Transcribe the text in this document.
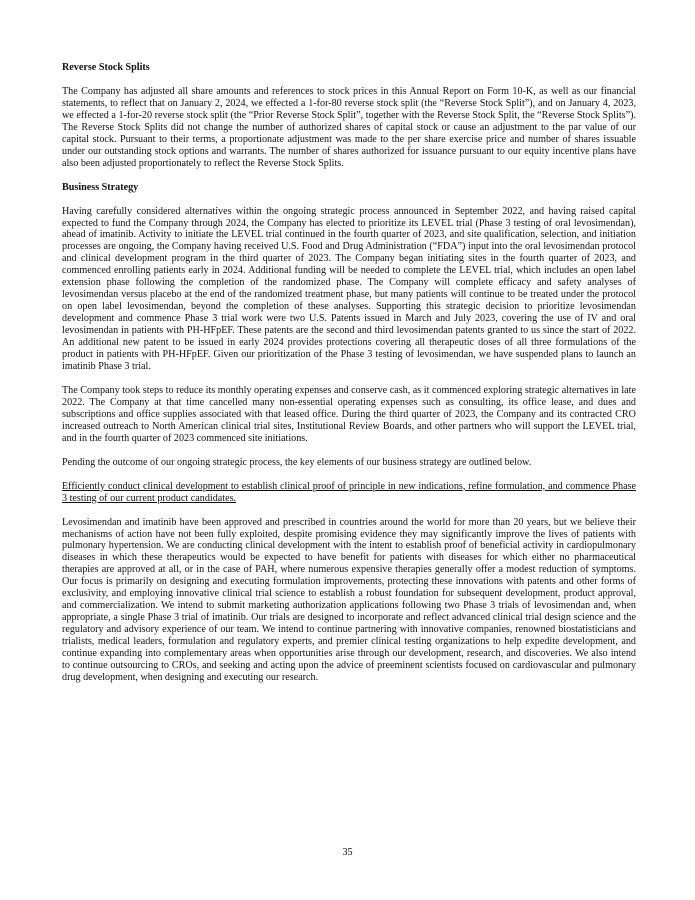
Reverse Stock Splits
The Company has adjusted all share amounts and references to stock prices in this Annual Report on Form 10-K, as well as our financial statements, to reflect that on January 2, 2024, we effected a 1-for-80 reverse stock split (the “Reverse Stock Split”), and on January 4, 2023, we effected a 1-for-20 reverse stock split (the “Prior Reverse Stock Split”, together with the Reverse Stock Split, the “Reverse Stock Splits”). The Reverse Stock Splits did not change the number of authorized shares of capital stock or cause an adjustment to the par value of our capital stock. Pursuant to their terms, a proportionate adjustment was made to the per share exercise price and number of shares issuable under our outstanding stock options and warrants. The number of shares authorized for issuance pursuant to our equity incentive plans have also been adjusted proportionately to reflect the Reverse Stock Splits.
Business Strategy
Having carefully considered alternatives within the ongoing strategic process announced in September 2022, and having raised capital expected to fund the Company through 2024, the Company has elected to prioritize its LEVEL trial (Phase 3 testing of oral levosimendan), ahead of imatinib. Activity to initiate the LEVEL trial continued in the fourth quarter of 2023, and site qualification, selection, and initiation processes are ongoing, the Company having received U.S. Food and Drug Administration (“FDA”) input into the oral levosimendan protocol and clinical development program in the third quarter of 2023. The Company began initiating sites in the fourth quarter of 2023, and commenced enrolling patients early in 2024. Additional funding will be needed to complete the LEVEL trial, which includes an open label extension phase following the completion of the randomized phase. The Company will complete efficacy and safety analyses of levosimendan versus placebo at the end of the randomized treatment phase, but many patients will continue to be treated under the protocol on open label levosimendan, beyond the completion of these analyses. Supporting this strategic decision to prioritize levosimendan development and commence Phase 3 trial work were two U.S. Patents issued in March and July 2023, covering the use of IV and oral levosimendan in patients with PH-HFpEF. These patents are the second and third levosimendan patents granted to us since the start of 2022. An additional new patent to be issued in early 2024 provides protections covering all therapeutic doses of all three formulations of the product in patients with PH-HFpEF. Given our prioritization of the Phase 3 testing of levosimendan, we have suspended plans to launch an imatinib Phase 3 trial.
The Company took steps to reduce its monthly operating expenses and conserve cash, as it commenced exploring strategic alternatives in late 2022. The Company at that time cancelled many non-essential operating expenses such as consulting, its office lease, and dues and subscriptions and office supplies associated with that leased office. During the third quarter of 2023, the Company and its contracted CRO increased outreach to North American clinical trial sites, Institutional Review Boards, and other partners who will support the LEVEL trial, and in the fourth quarter of 2023 commenced site initiations.
Pending the outcome of our ongoing strategic process, the key elements of our business strategy are outlined below.
Efficiently conduct clinical development to establish clinical proof of principle in new indications, refine formulation, and commence Phase 3 testing of our current product candidates.
Levosimendan and imatinib have been approved and prescribed in countries around the world for more than 20 years, but we believe their mechanisms of action have not been fully exploited, despite promising evidence they may significantly improve the lives of patients with pulmonary hypertension. We are conducting clinical development with the intent to establish proof of beneficial activity in cardiopulmonary diseases in which these therapeutics would be expected to have benefit for patients with diseases for which either no pharmaceutical therapies are approved at all, or in the case of PAH, where numerous expensive therapies generally offer a modest reduction of symptoms. Our focus is primarily on designing and executing formulation improvements, protecting these innovations with patents and other forms of exclusivity, and employing innovative clinical trial science to establish a robust foundation for subsequent development, product approval, and commercialization. We intend to submit marketing authorization applications following two Phase 3 trials of levosimendan and, when appropriate, a single Phase 3 trial of imatinib. Our trials are designed to incorporate and reflect advanced clinical trial design science and the regulatory and advisory experience of our team. We intend to continue partnering with innovative companies, renowned biostatisticians and trialists, medical leaders, formulation and regulatory experts, and premier clinical testing organizations to help expedite development, and continue expanding into complementary areas when opportunities arise through our development, research, and discoveries. We also intend to continue outsourcing to CROs, and seeking and acting upon the advice of preeminent scientists focused on cardiovascular and pulmonary drug development, when designing and executing our research.
35
